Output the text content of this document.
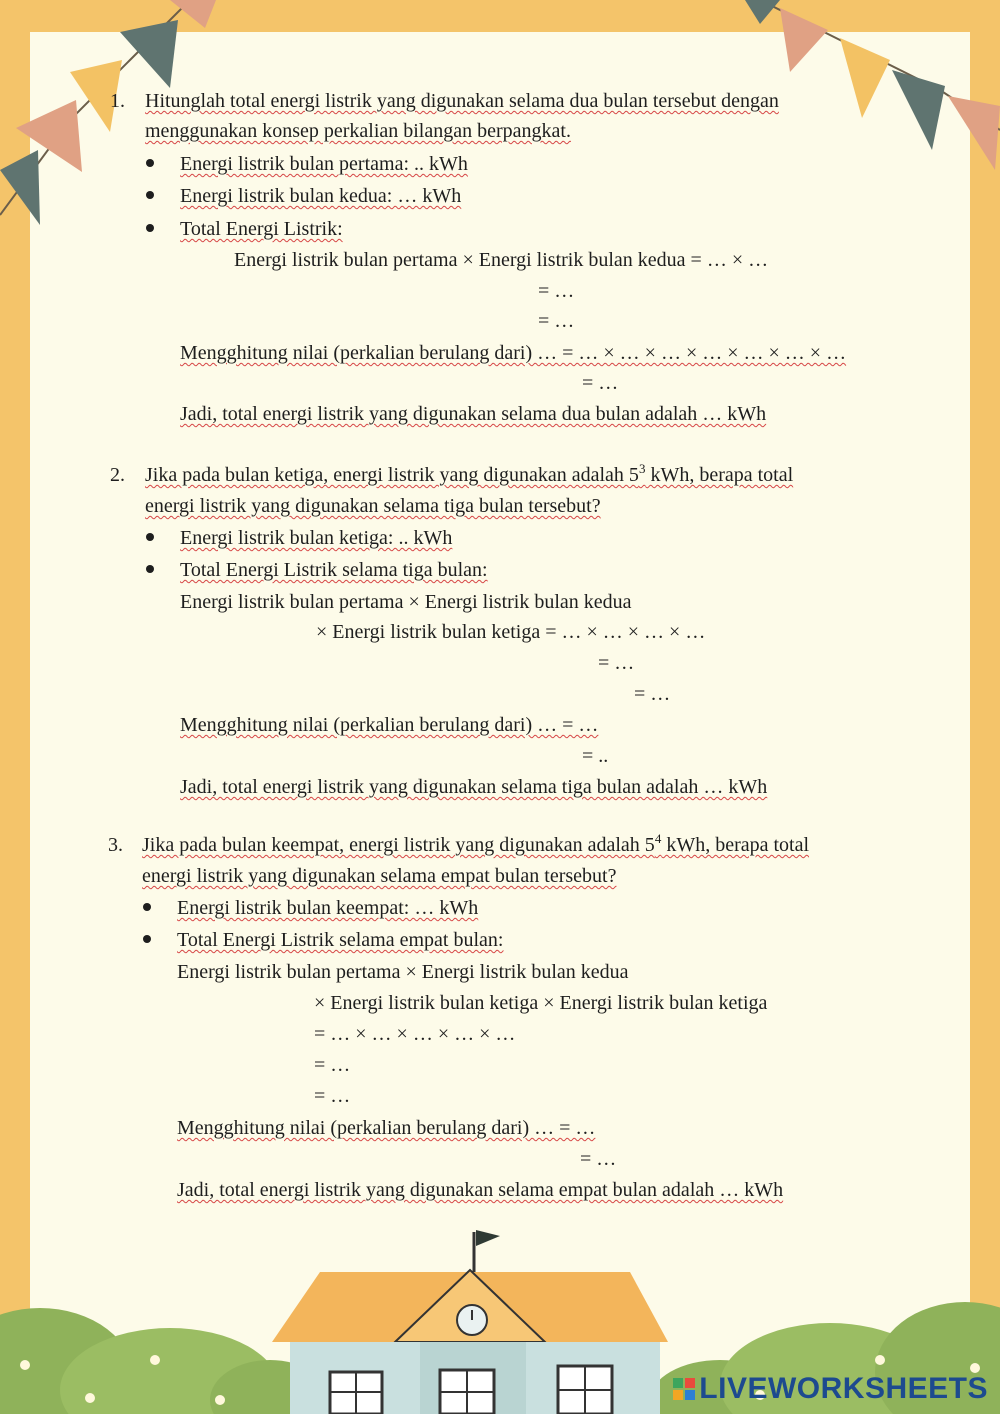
1. Hitunglah total energi listrik yang digunakan selama dua bulan tersebut dengan
menggunakan konsep perkalian bilangan berpangkat.
Energi listrik bulan pertama: .. kWh
Energi listrik bulan kedua: … kWh
Total Energi Listrik:
Energi listrik bulan pertama × Energi listrik bulan kedua = … × …
= …
= …
Mengghitung nilai (perkalian berulang dari) … = … × … × … × … × … × … × …
= …
Jadi, total energi listrik yang digunakan selama dua bulan adalah … kWh
2. Jika pada bulan ketiga, energi listrik yang digunakan adalah $5^3$ kWh, berapa total
energi listrik yang digunakan selama tiga bulan tersebut?
Energi listrik bulan ketiga: .. kWh
Total Energi Listrik selama tiga bulan:
Energi listrik bulan pertama × Energi listrik bulan kedua
× Energi listrik bulan ketiga = … × … × … × …
= …
= …
Mengghitung nilai (perkalian berulang dari) … = …
= ..
Jadi, total energi listrik yang digunakan selama tiga bulan adalah … kWh
3. Jika pada bulan keempat, energi listrik yang digunakan adalah $5^4$ kWh, berapa total
energi listrik yang digunakan selama empat bulan tersebut?
Energi listrik bulan keempat: … kWh
Total Energi Listrik selama empat bulan:
Energi listrik bulan pertama × Energi listrik bulan kedua
× Energi listrik bulan ketiga × Energi listrik bulan ketiga
= … × … × … × … × …
= …
= …
Mengghitung nilai (perkalian berulang dari) … = …
= …
Jadi, total energi listrik yang digunakan selama empat bulan adalah … kWh
LIVEWORKSHEETS
